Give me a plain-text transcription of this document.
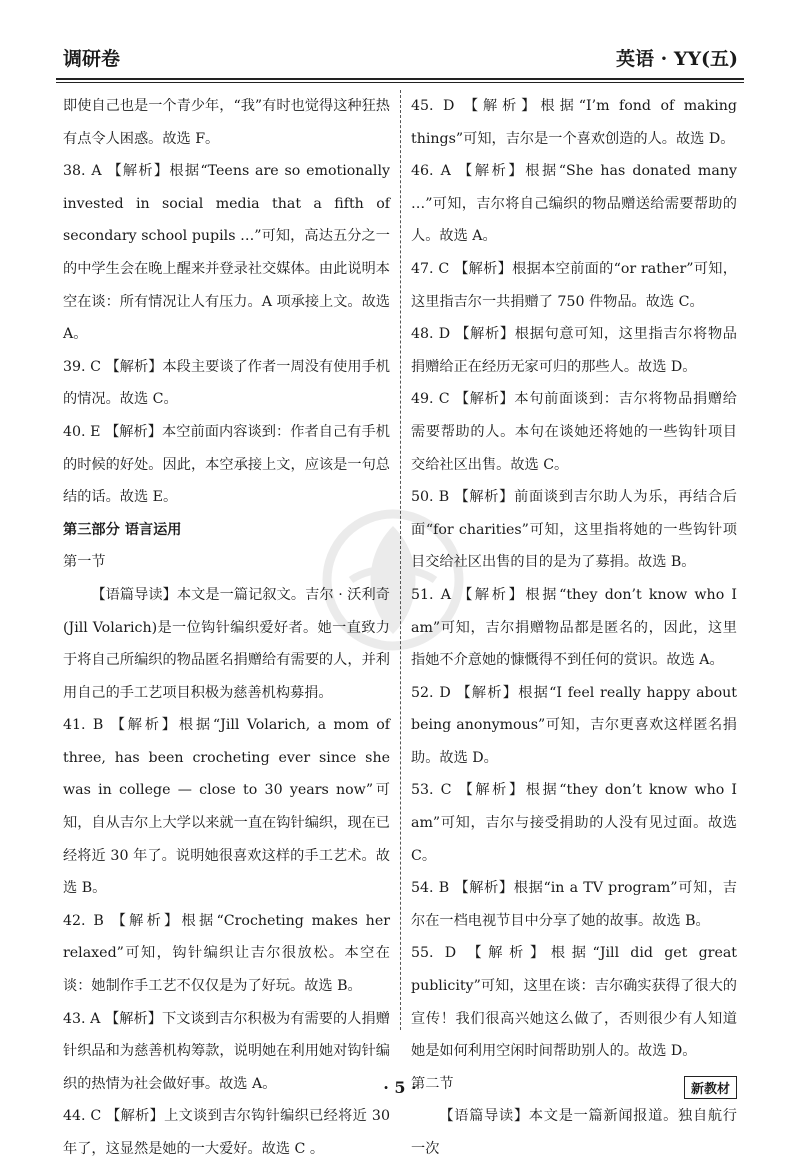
调研卷	英语 · YY(五)

即使自己也是一个青少年，“我”有时也觉得这种狂热有点令人困惑。故选 F。

38. A 【解析】根据“Teens are so emotionally invested in social media that a fifth of secondary school pupils …”可知，高达五分之一的中学生会在晚上醒来并登录社交媒体。由此说明本空在谈：所有情况让人有压力。A 项承接上文。故选 A。

39. C 【解析】本段主要谈了作者一周没有使用手机的情况。故选 C。

40. E 【解析】本空前面内容谈到：作者自己有手机的时候的好处。因此，本空承接上文，应该是一句总结的话。故选 E。

第三部分 语言运用

第一节

【语篇导读】本文是一篇记叙文。吉尔 · 沃利奇(Jill Volarich)是一位钩针编织爱好者。她一直致力于将自己所编织的物品匿名捐赠给有需要的人，并利用自己的手工艺项目积极为慈善机构募捐。

41. B 【解析】根据“Jill Volarich, a mom of three, has been crocheting ever since she was in college — close to 30 years now”可知，自从吉尔上大学以来就一直在钩针编织，现在已经将近 30 年了。说明她很喜欢这样的手工艺术。故选 B。

42. B 【解析】根据“Crocheting makes her relaxed”可知，钩针编织让吉尔很放松。本空在谈：她制作手工艺不仅仅是为了好玩。故选 B。

43. A 【解析】下文谈到吉尔积极为有需要的人捐赠针织品和为慈善机构筹款，说明她在利用她对钩针编织的热情为社会做好事。故选 A。

44. C 【解析】上文谈到吉尔钩针编织已经将近 30 年了，这显然是她的一大爱好。故选 C 。

45. D 【解析】根据“I’m fond of making things”可知，吉尔是一个喜欢创造的人。故选 D。

46. A 【解析】根据“She has donated many …”可知，吉尔将自己编织的物品赠送给需要帮助的人。故选 A。

47. C 【解析】根据本空前面的“or rather”可知，这里指吉尔一共捐赠了 750 件物品。故选 C。

48. D 【解析】根据句意可知，这里指吉尔将物品捐赠给正在经历无家可归的那些人。故选 D。

49. C 【解析】本句前面谈到：吉尔将物品捐赠给需要帮助的人。本句在谈她还将她的一些钩针项目交给社区出售。故选 C。

50. B 【解析】前面谈到吉尔助人为乐，再结合后面“for charities”可知，这里指将她的一些钩针项目交给社区出售的目的是为了募捐。故选 B。

51. A 【解析】根据“they don’t know who I am”可知，吉尔捐赠物品都是匿名的，因此，这里指她不介意她的慷慨得不到任何的赏识。故选 A。

52. D 【解析】根据“I feel really happy about being anonymous”可知，吉尔更喜欢这样匿名捐助。故选 D。

53. C 【解析】根据“they don’t know who I am”可知，吉尔与接受捐助的人没有见过面。故选 C。

54. B 【解析】根据“in a TV program”可知，吉尔在一档电视节目中分享了她的故事。故选 B。

55. D 【解析】根据“Jill did get great publicity”可知，这里在谈：吉尔确实获得了很大的宣传！我们很高兴她这么做了，否则很少有人知道她是如何利用空闲时间帮助别人的。故选 D。

第二节

【语篇导读】本文是一篇新闻报道。独自航行一次

· 5 ·	新教材
